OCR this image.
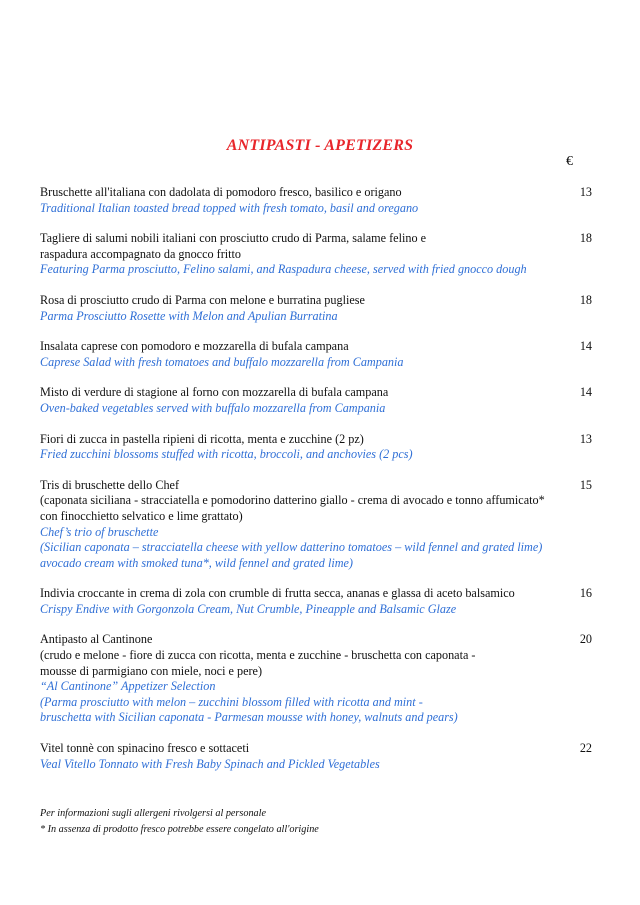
ANTIPASTI - APETIZERS
€
Bruschette all'italiana con dadolata di pomodoro fresco, basilico e origano
Traditional Italian toasted bread topped with fresh tomato, basil and oregano
13
Tagliere di salumi nobili italiani con prosciutto crudo di Parma, salame felino e
raspadura accompagnato da gnocco fritto
Featuring Parma prosciutto, Felino salami, and Raspadura cheese, served with fried gnocco dough
18
Rosa di prosciutto crudo di Parma con melone e burratina pugliese
Parma Prosciutto Rosette with Melon and Apulian Burratina
18
Insalata caprese con pomodoro e mozzarella di bufala campana
Caprese Salad with fresh tomatoes and buffalo mozzarella from Campania
14
Misto di verdure di stagione al forno con mozzarella di bufala campana
Oven-baked vegetables served with buffalo mozzarella from Campania
14
Fiori di zucca in pastella ripieni di ricotta, menta e zucchine (2 pz)
Fried zucchini blossoms stuffed with ricotta, broccoli, and anchovies (2 pcs)
13
Tris di bruschette dello Chef
(caponata siciliana - stracciatella e pomodorino datterino giallo - crema di avocado e tonno affumicato*
con finocchietto selvatico e lime grattato)
Chef’s trio of bruschette
(Sicilian caponata – stracciatella cheese with yellow datterino tomatoes – wild fennel and grated lime)
avocado cream with smoked tuna*, wild fennel and grated lime)
15
Indivia croccante in crema di zola con crumble di frutta secca, ananas e glassa di aceto balsamico
Crispy Endive with Gorgonzola Cream, Nut Crumble, Pineapple and Balsamic Glaze
16
Antipasto al Cantinone
(crudo e melone - fiore di zucca con ricotta, menta e zucchine - bruschetta con caponata -
mousse di parmigiano con miele, noci e pere)
“Al Cantinone” Appetizer Selection
(Parma prosciutto with melon – zucchini blossom filled with ricotta and mint -
bruschetta with Sicilian caponata - Parmesan mousse with honey, walnuts and pears)
20
Vitel tonnè con spinacino fresco e sottaceti
Veal Vitello Tonnato with Fresh Baby Spinach and Pickled Vegetables
22
Per informazioni sugli allergeni rivolgersi al personale
* In assenza di prodotto fresco potrebbe essere congelato all'origine
